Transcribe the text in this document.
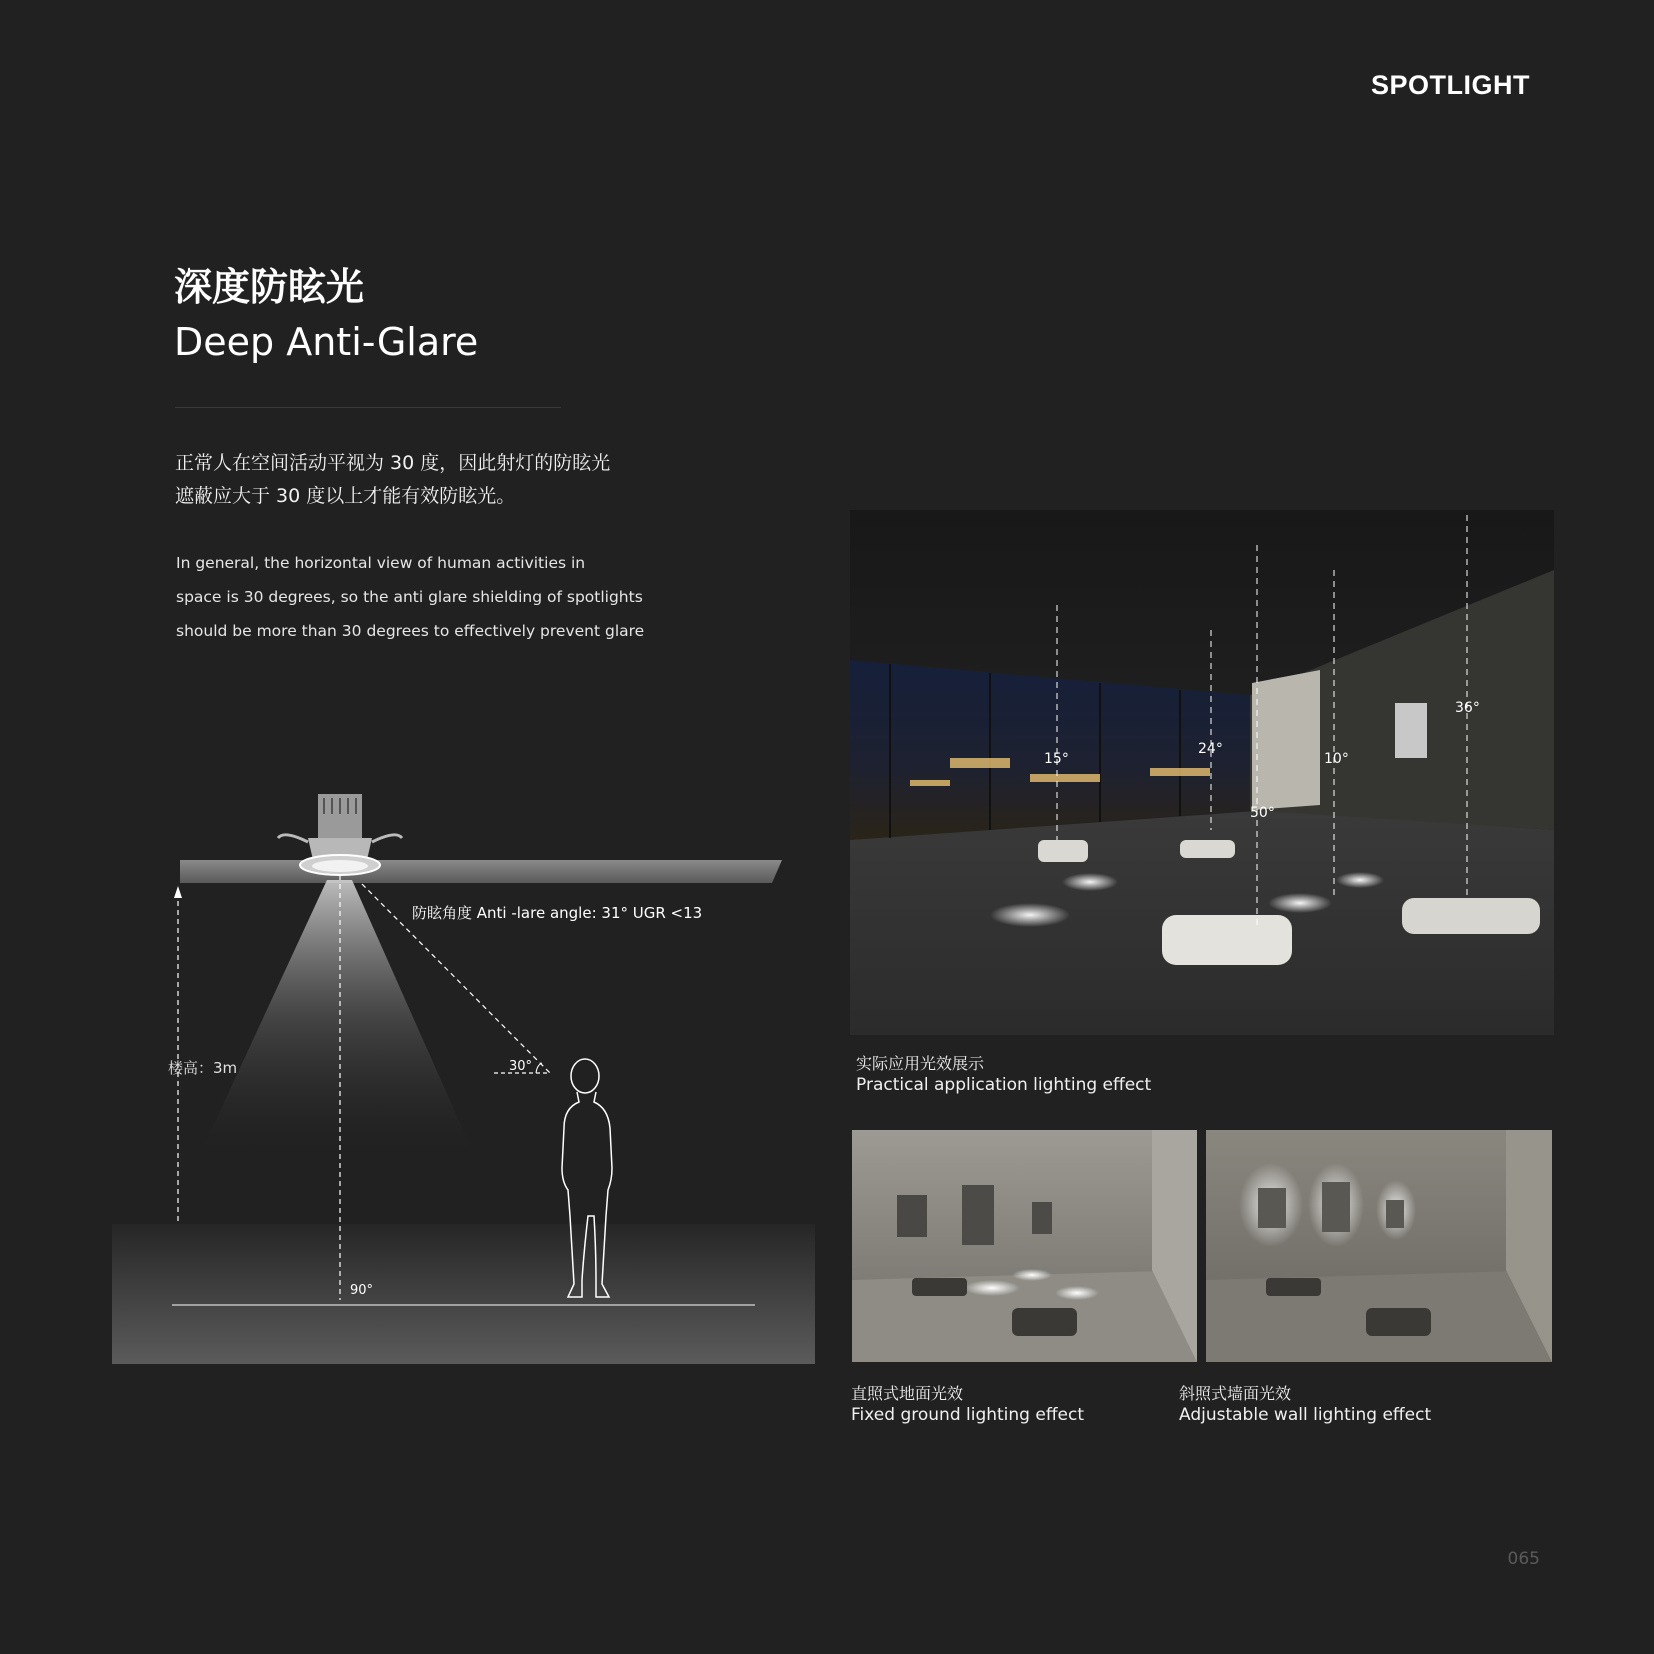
SPOTLIGHT
深度防眩光
Deep Anti-Glare
正常人在空间活动平视为 30 度，因此射灯的防眩光
遮蔽应大于 30 度以上才能有效防眩光。
In general, the horizontal view of human activities in
space is 30 degrees, so the anti glare shielding of spotlights
should be more than 30 degrees to effectively prevent glare
防眩角度 Anti -lare angle: 31° UGR <13
楼高：3m	30°
90°
15°
24°
50°
10°
36°
实际应用光效展示
Practical application lighting effect
直照式地面光效
Fixed ground lighting effect
斜照式墙面光效
Adjustable wall lighting effect
065
